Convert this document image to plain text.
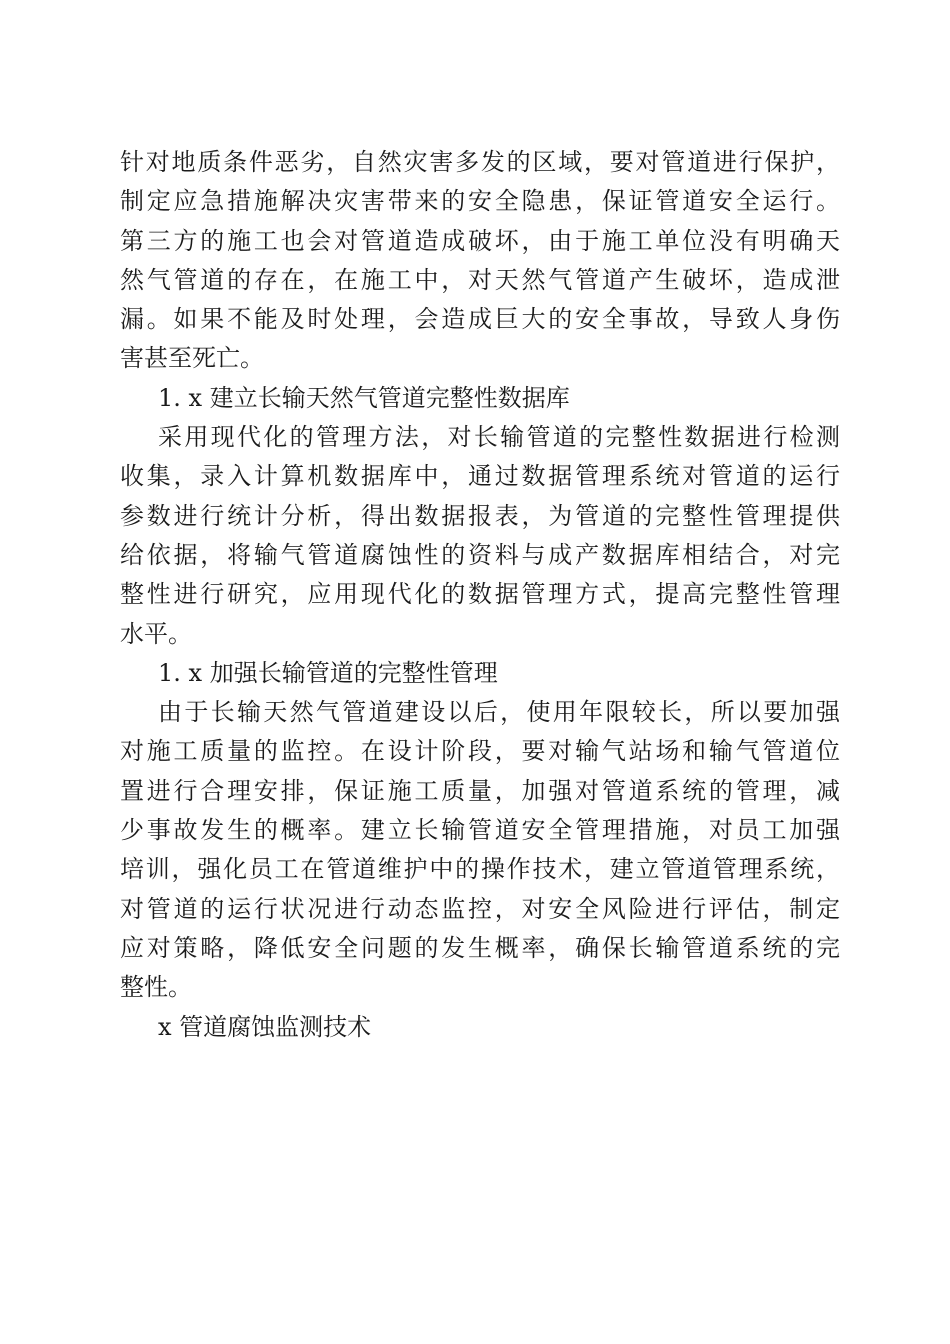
针对地质条件恶劣，自然灾害多发的区域，要对管道进行保护，
制定应急措施解决灾害带来的安全隐患，保证管道安全运行。
第三方的施工也会对管道造成破坏，由于施工单位没有明确天
然气管道的存在，在施工中，对天然气管道产生破坏，造成泄
漏。如果不能及时处理，会造成巨大的安全事故，导致人身伤
害甚至死亡。
1. x 建立长输天然气管道完整性数据库
采用现代化的管理方法，对长输管道的完整性数据进行检测
收集，录入计算机数据库中，通过数据管理系统对管道的运行
参数进行统计分析，得出数据报表，为管道的完整性管理提供
给依据，将输气管道腐蚀性的资料与成产数据库相结合，对完
整性进行研究，应用现代化的数据管理方式，提高完整性管理
水平。
1. x 加强长输管道的完整性管理
由于长输天然气管道建设以后，使用年限较长，所以要加强
对施工质量的监控。在设计阶段，要对输气站场和输气管道位
置进行合理安排，保证施工质量，加强对管道系统的管理，减
少事故发生的概率。建立长输管道安全管理措施，对员工加强
培训，强化员工在管道维护中的操作技术，建立管道管理系统，
对管道的运行状况进行动态监控，对安全风险进行评估，制定
应对策略，降低安全问题的发生概率，确保长输管道系统的完
整性。
x 管道腐蚀监测技术
